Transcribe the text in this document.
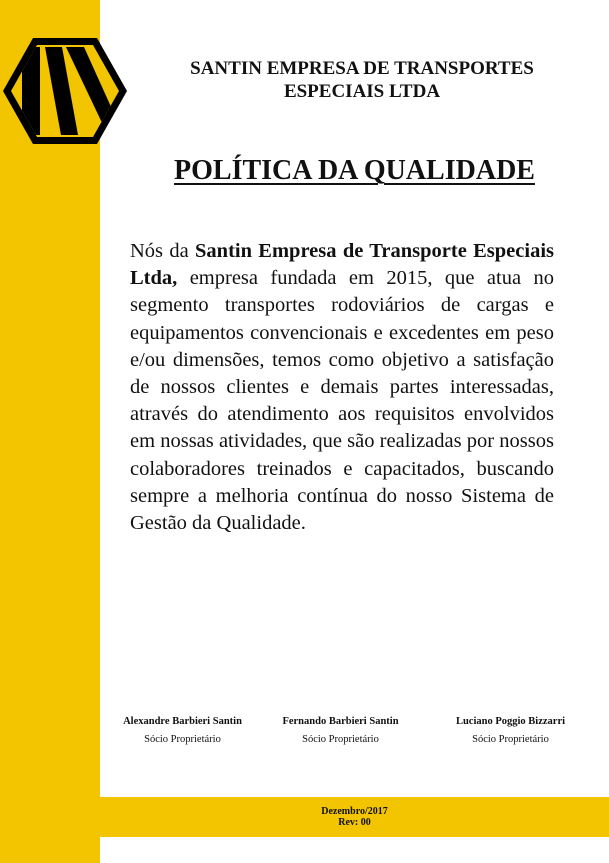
SANTIN EMPRESA DE TRANSPORTES
ESPECIAIS LTDA
POLÍTICA DA QUALIDADE
Nós da Santin Empresa de Transporte Especiais Ltda, empresa fundada em 2015, que atua no segmento transportes rodoviários de cargas e equipamentos convencionais e excedentes em peso e/ou dimensões, temos como objetivo a satisfação de nossos clientes e demais partes interessadas, através do atendimento aos requisitos envolvidos em nossas atividades, que são realizadas por nossos colaboradores treinados e capacitados, buscando sempre a melhoria contínua do nosso Sistema de Gestão da Qualidade.
Alexandre Barbieri Santin
Sócio Proprietário
Fernando Barbieri Santin
Sócio Proprietário
Luciano Poggio Bizzarri
Sócio Proprietário
Dezembro/2017
Rev: 00
